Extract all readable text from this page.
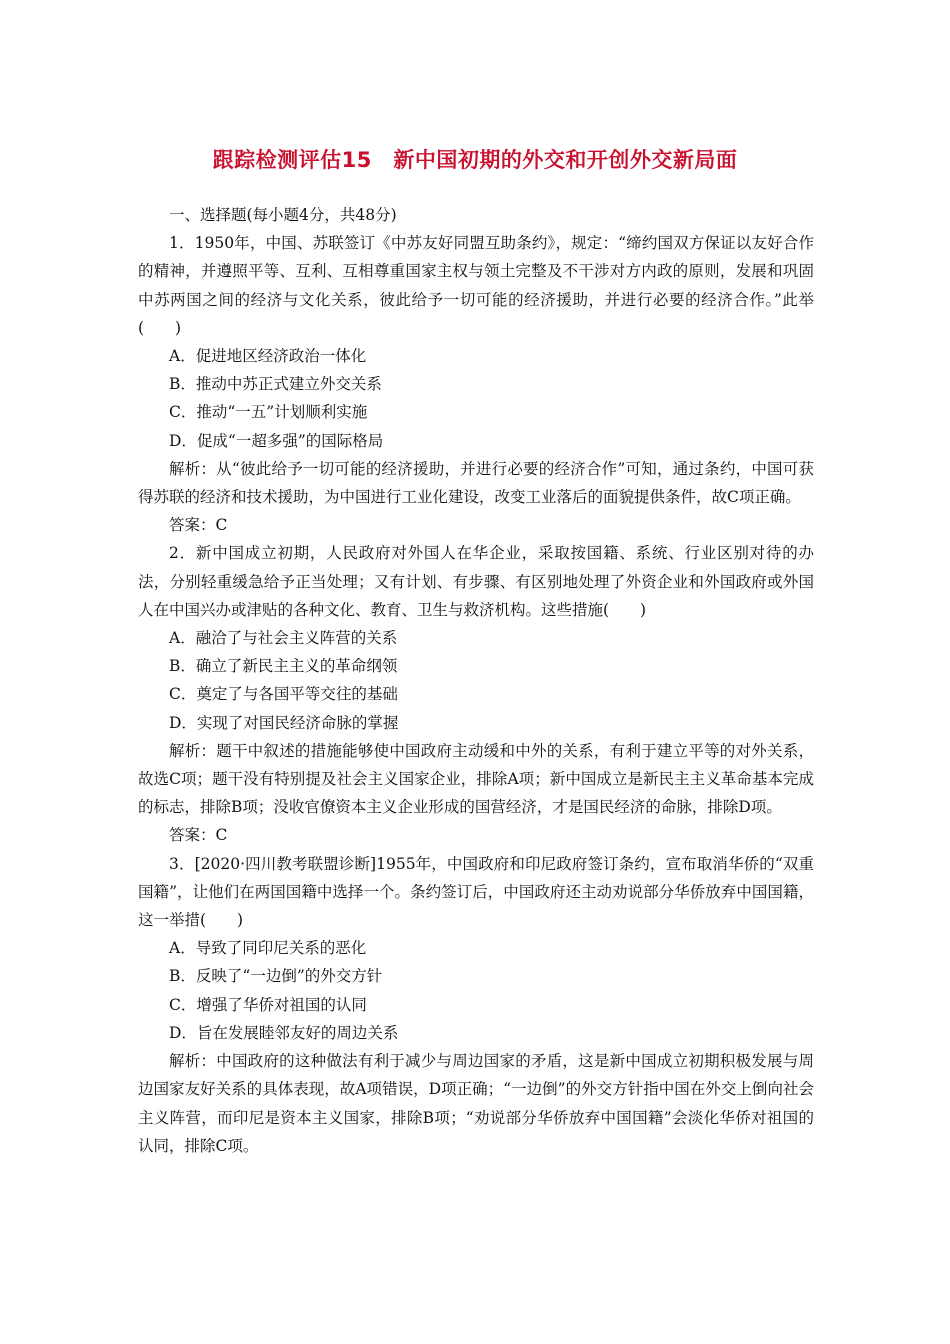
跟踪检测评估15　新中国初期的外交和开创外交新局面

一、选择题(每小题4分，共48分)

1．1950年，中国、苏联签订《中苏友好同盟互助条约》，规定：“缔约国双方保证以友好合作的精神，并遵照平等、互利、互相尊重国家主权与领土完整及不干涉对方内政的原则，发展和巩固中苏两国之间的经济与文化关系，彼此给予一切可能的经济援助，并进行必要的经济合作。”此举(　　)

A．促进地区经济政治一体化

B．推动中苏正式建立外交关系

C．推动“一五”计划顺利实施

D．促成“一超多强”的国际格局

解析：从“彼此给予一切可能的经济援助，并进行必要的经济合作”可知，通过条约，中国可获得苏联的经济和技术援助，为中国进行工业化建设，改变工业落后的面貌提供条件，故C项正确。

答案：C

2．新中国成立初期，人民政府对外国人在华企业，采取按国籍、系统、行业区别对待的办法，分别轻重缓急给予正当处理；又有计划、有步骤、有区别地处理了外资企业和外国政府或外国人在中国兴办或津贴的各种文化、教育、卫生与救济机构。这些措施(　　)

A．融洽了与社会主义阵营的关系

B．确立了新民主主义的革命纲领

C．奠定了与各国平等交往的基础

D．实现了对国民经济命脉的掌握

解析：题干中叙述的措施能够使中国政府主动缓和中外的关系，有利于建立平等的对外关系，故选C项；题干没有特别提及社会主义国家企业，排除A项；新中国成立是新民主主义革命基本完成的标志，排除B项；没收官僚资本主义企业形成的国营经济，才是国民经济的命脉，排除D项。

答案：C

3．[2020·四川教考联盟诊断]1955年，中国政府和印尼政府签订条约，宣布取消华侨的“双重国籍”，让他们在两国国籍中选择一个。条约签订后，中国政府还主动劝说部分华侨放弃中国国籍，这一举措(　　)

A．导致了同印尼关系的恶化

B．反映了“一边倒”的外交方针

C．增强了华侨对祖国的认同

D．旨在发展睦邻友好的周边关系

解析：中国政府的这种做法有利于减少与周边国家的矛盾，这是新中国成立初期积极发展与周边国家友好关系的具体表现，故A项错误，D项正确；“一边倒”的外交方针指中国在外交上倒向社会主义阵营，而印尼是资本主义国家，排除B项；“劝说部分华侨放弃中国国籍”会淡化华侨对祖国的认同，排除C项。
